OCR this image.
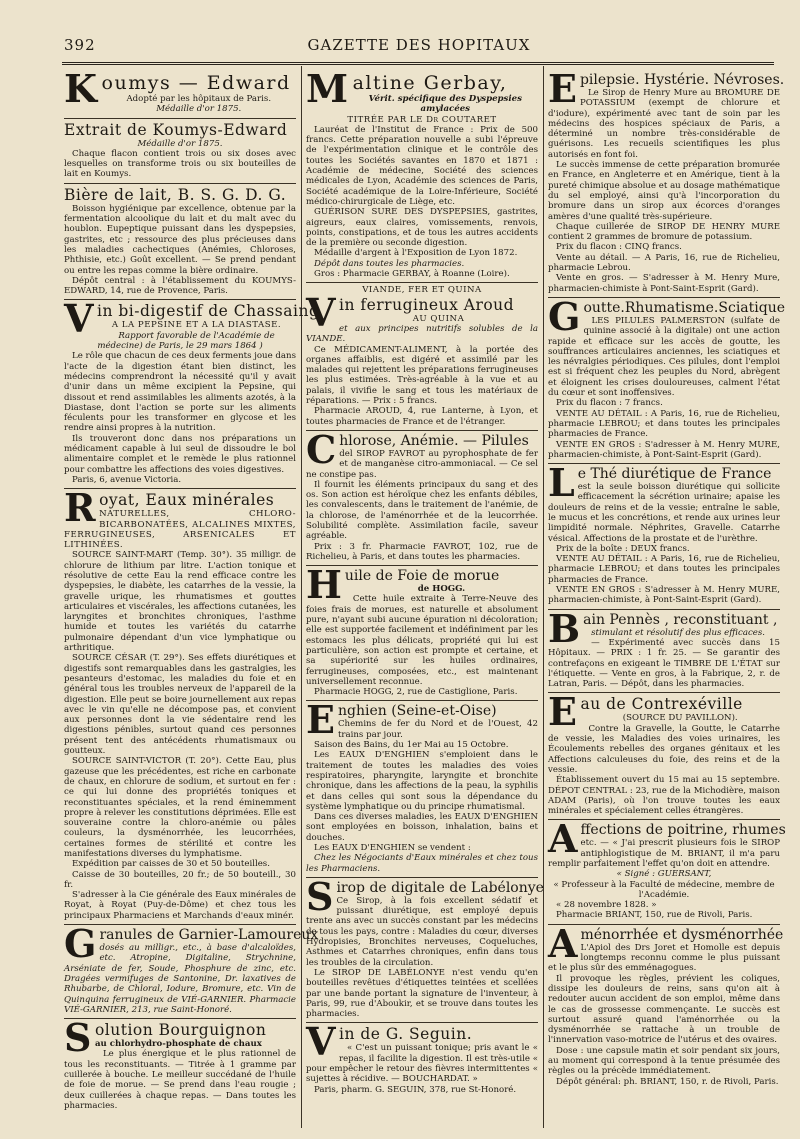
392	GAZETTE DES HOPITAUX
Koumys — Edward

Adopté par les hôpitaux de Paris.

Médaille d'or 1875.

Extrait de Koumys-Edward

Médaille d'or 1875.

Chaque flacon contient trois ou six doses avec lesquelles on transforme trois ou six bouteilles de lait en Koumys.

Bière de lait, B. S. G. D. G.

Boisson hygiénique par excellence, obtenue par la fermentation alcoolique du lait et du malt avec du houblon. Eupeptique puissant dans les dyspepsies, gastrites, etc ; ressource des plus précieuses dans les maladies cachectiques (Anémies, Chloroses, Phthisie, etc.) Goût excellent. — Se prend pendant ou entre les repas comme la bière ordinaire.

Dépôt central : à l'établissement du KOUMYS-EDWARD, 14, rue de Provence, Paris.

Vin bi-digestif de Chassaing

A LA PEPSINE ET A LA DIASTASE.

Rapport favorable de l'Académie de médecine) de Paris, le 29 mars 1864 )

Le rôle que chacun de ces deux ferments joue dans l'acte de la digestion étant bien distinct, les médecins comprendront la nécessité qu'il y avait d'unir dans un même excipient la Pepsine, qui dissout et rend assimilables les aliments azotés, à la Diastase, dont l'action se porte sur les aliments féculents pour les transformer en glycose et les rendre ainsi propres à la nutrition.

Ils trouveront donc dans nos préparations un médicament capable à lui seul de dissoudre le bol alimentaire complet et le remède le plus rationnel pour combattre les affections des voies digestives.

Paris, 6, avenue Victoria.

Royat, Eaux minérales

NATURELLES, CHLORO-BICARBONATÉES, ALCALINES MIXTES, FERRUGINEUSES, ARSENICALES ET LITHINÉES.

SOURCE SAINT-MART (Temp. 30°). 35 milligr. de chlorure de lithium par litre. L'action tonique et résolutive de cette Eau la rend efficace contre les dyspepsies, le diabète, les catarrhes de la vessie, la gravelle urique, les rhumatismes et gouttes articulaires et viscérales, les affections cutanées, les laryngites et bronchites chroniques, l'asthme humide et toutes les variétés du catarrhe pulmonaire dépendant d'un vice lymphatique ou arthritique.

SOURCE CÉSAR (T. 29°). Ses effets diurétiques et digestifs sont remarquables dans les gastralgies, les pesanteurs d'estomac, les maladies du foie et en général tous les troubles nerveux de l'appareil de la digestion. Elle peut se boire journellement aux repas avec le vin qu'elle ne décompose pas, et convient aux personnes dont la vie sédentaire rend les digestions pénibles, surtout quand ces personnes présent tent des antécédents rhumatismaux ou goutteux.

SOURCE SAINT-VICTOR (T. 20°). Cette Eau, plus gazeuse que les précédentes, est riche en carbonate de chaux, en chlorure de sodium, et surtout en fer : ce qui lui donne des propriétés toniques et reconstituantes spéciales, et la rend éminemment propre à relever les constitutions déprimées. Elle est souveraine contre la chloro-anémie ou pâles couleurs, la dysménorrhée, les leucorrhées, certaines formes de stérilité et contre les manifestations diverses du lymphatisme.

Expédition par caisses de 30 et 50 bouteilles.

Caisse de 30 bouteilles, 20 fr.; de 50 bouteill., 30 fr.

S'adresser à la Cie générale des Eaux minérales de Royat, à Royat (Puy-de-Dôme) et chez tous les principaux Pharmaciens et Marchands d'eaux minér.

Granules de Garnier-Lamoureux

dosés au milligr., etc., à base d'alcaloïdes, etc. Atropine, Digitaline, Strychnine, Arséniate de fer, Soude, Phosphure de zinc, etc. Dragées vermifuges de Santonine, Dr. laxatives de Rhubarbe, de Chloral, Iodure, Bromure, etc. Vin de Quinquina ferrugineux de VIÉ-GARNIER. Pharmacie VIÉ-GARNIER, 213, rue Saint-Honoré.

Solution Bourguignon

au chlorhydro-phosphate de chaux

Le plus énergique et le plus rationnel de tous les reconstituants. — Titrée à 1 gramme par cuillerée à bouche. Le meilleur succédané de l'huile de foie de morue. — Se prend dans l'eau rougie ; deux cuillerées à chaque repas. — Dans toutes les pharmacies.

Maltine Gerbay,

Vérit. spécifique des Dyspepsies amylacées

TITRÉE PAR LE Dr COUTARET

Lauréat de l'Institut de France : Prix de 500 francs. Cette préparation nouvelle a subi l'épreuve de l'expérimentation clinique et le contrôle des toutes les Sociétés savantes en 1870 et 1871 : Académie de médecine, Société des sciences médicales de Lyon, Académie des sciences de Paris, Société académique de la Loire-Inférieure, Société médico-chirurgicale de Liège, etc.

GUÉRISON SURE DES DYSPEPSIES, gastrites, aigreurs, eaux claires, vomissements, renvois, points, constipations, et de tous les autres accidents de la première ou seconde digestion.

Médaille d'argent à l'Exposition de Lyon 1872.

Dépôt dans toutes les pharmacies.

Gros : Pharmacie GERBAY, à Roanne (Loire).

VIANDE, FER ET QUINA

Vin ferrugineux Aroud

AU QUINA

et aux principes nutritifs solubles de la VIANDE.

Ce MÉDICAMENT-ALIMENT, à la portée des organes affaiblis, est digéré et assimilé par les malades qui rejettent les préparations ferrugineuses les plus estimées. Très-agréable à la vue et au palais, il vivifie le sang et tous les matériaux de réparations. — Prix : 5 francs.

Pharmacie AROUD, 4, rue Lanterne, à Lyon, et toutes pharmacies de France et de l'étranger.

Chlorose, Anémie. — Pilules

del SIROP FAVROT au pyrophosphate de fer et de manganèse citro-ammoniacal. — Ce sel ne constipe pas.

Il fournit les éléments principaux du sang et des os. Son action est héroïque chez les enfants débiles, les convalescents, dans le traitement de l'anémie, de la chlorose, de l'aménorrhée et de la leucorrhée. Solubilité complète. Assimilation facile, saveur agréable.

Prix : 3 fr. Pharmacie FAVROT, 102, rue de Richelieu, à Paris, et dans toutes les pharmacies.

Huile de Foie de morue

de HOGG.

Cette huile extraite à Terre-Neuve des foies frais de morues, est naturelle et absolument pure, n'ayant subi aucune épuration ni décoloration; elle est supportée facilement et indéfiniment par les estomacs les plus délicats, propriété qui lui est particulière, son action est prompte et certaine, et sa supériorité sur les huiles ordinaires, ferrugineuses, composées, etc., est maintenant universellement reconnue.

Pharmacie HOGG, 2, rue de Castiglione, Paris.

Enghien (Seine-et-Oise)

Chemins de fer du Nord et de l'Ouest, 42 trains par jour.

Saison des Bains, du 1er Mai au 15 Octobre.

Les EAUX D'ENGHIEN s'emploient dans le traitement de toutes les maladies des voies respiratoires, pharyngite, laryngite et bronchite chronique, dans les affections de la peau, la syphilis et dans celles qui sont sous la dépendance du système lymphatique ou du principe rhumatismal.

Dans ces diverses maladies, les EAUX D'ENGHIEN sont employées en boisson, inhalation, bains et douches.

Les EAUX D'ENGHIEN se vendent :

Chez les Négociants d'Eaux minérales et chez tous les Pharmaciens.

Sirop de digitale de Labélonye

Ce Sirop, à la fois excellent sédatif et puissant diurétique, est employé depuis trente ans avec un succès constant par les médecins de tous les pays, contre : Maladies du cœur, diverses Hydropisies, Bronchites nerveuses, Coqueluches, Asthmes et Catarrhes chroniques, enfin dans tous les troubles de la circulation.

Le SIROP DE LABÉLONYE n'est vendu qu'en bouteilles revêtues d'étiquettes teintées et scellées par une bande portant la signature de l'inventeur, à Paris, 99, rue d'Aboukir, et se trouve dans toutes les pharmacies.

Vin de G. Seguin.

« C'est un puissant tonique; pris avant le « repas, il facilite la digestion. Il est très-utile « pour empêcher le retour des fièvres intermittentes « sujettes à récidive. — BOUCHARDAT. »

Paris, pharm. G. SEGUIN, 378, rue St-Honoré.

Epilepsie. Hystérie. Névroses.

Le Sirop de Henry Mure au BROMURE DE POTASSIUM (exempt de chlorure et d'iodure), expérimenté avec tant de soin par les médecins des hospices spéciaux de Paris, a déterminé un nombre très-considérable de guérisons. Les recueils scientifiques les plus autorisés en font foi.

Le succès immense de cette préparation bromurée en France, en Angleterre et en Amérique, tient à la pureté chimique absolue et au dosage mathématique du sel employé, ainsi qu'à l'incorporation du bromure dans un sirop aux écorces d'oranges amères d'une qualité très-supérieure.

Chaque cuillerée de SIROP DE HENRY MURE contient 2 grammes de bromure de potassium.

Prix du flacon : CINQ francs.

Vente au détail. — A Paris, 16, rue de Richelieu, pharmacie Lebrou.

Vente en gros. — S'adresser à M. Henry Mure, pharmacien-chimiste à Pont-Saint-Esprit (Gard).

Goutte.Rhumatisme.Sciatique

LES PILULES PALMERSTON (sulfate de quinine associé à la digitale) ont une action rapide et efficace sur les accès de goutte, les souffrances articulaires anciennes, les sciatiques et les névralgies périodiques. Ces pilules, dont l'emploi est si fréquent chez les peuples du Nord, abrègent et éloignent les crises douloureuses, calment l'état du cœur et sont inoffensives.

Prix du flacon : 7 francs.

VENTE AU DÉTAIL : A Paris, 16, rue de Richelieu, pharmacie LEBROU; et dans toutes les principales pharmacies de France.

VENTE EN GROS : S'adresser à M. Henry MURE, pharmacien-chimiste, à Pont-Saint-Esprit (Gard).

Le Thé diurétique de France

est la seule boisson diurétique qui sollicite efficacement la sécrétion urinaire; apaise les douleurs de reins et de la vessie; entraîne le sable, le mucus et les concrétions, et rende aux urines leur limpidité normale. Néphrites, Gravelle. Catarrhe vésical. Affections de la prostate et de l'urèthre.

Prix de la boîte : DEUX francs.

VENTE AU DÉTAIL : A Paris, 16, rue de Richelieu, pharmacie LEBROU; et dans toutes les principales pharmacies de France.

VENTE EN GROS : S'adresser à M. Henry MURE, pharmacien-chimiste, à Pont-Saint-Esprit (Gard).

Bain Pennès , reconstituant ,

stimulant et résolutif des plus efficaces.

— Expérimenté avec succès dans 15 Hôpitaux. — PRIX : 1 fr. 25. — Se garantir des contrefaçons en exigeant le TIMBRE DE L'ÉTAT sur l'étiquette. — Vente en gros, à la Fabrique, 2, r. de Latran, Paris. — Dépôt, dans les pharmacies.

Eau de Contrexéville

(SOURCE DU PAVILLON).

Contre la Gravelle, la Goutte, le Catarrhe de vessie, les Maladies des voies urinaires, les Écoulements rebelles des organes génitaux et les Affections calculeuses du foie, des reins et de la vessie.

Établissement ouvert du 15 mai au 15 septembre. DÉPOT CENTRAL : 23, rue de la Michodière, maison ADAM (Paris), où l'on trouve toutes les eaux minérales et spécialement celles étrangères.

Affections de poitrine, rhumes

etc. — « J'ai prescrit plusieurs fois le SIROP antiphlogistique de M. BRIANT, il m'a paru remplir parfaitement l'effet qu'on doit en attendre.

« Signé : GUERSANT,

« Professeur à la Faculté de médecine, membre de l'Académie.

« 28 novembre 1828. »

Pharmacie BRIANT, 150, rue de Rivoli, Paris.

Aménorrhée et dysménorrhée

L'Apiol des Drs Joret et Homolle est depuis longtemps reconnu comme le plus puissant et le plus sûr des emménagogues.

Il provoque les règles, prévient les coliques, dissipe les douleurs de reins, sans qu'on ait à redouter aucun accident de son emploi, même dans le cas de grossesse commençante. Le succès est surtout assuré quand l'aménorrhée ou la dysménorrhée se rattache à un trouble de l'innervation vaso-motrice de l'utérus et des ovaires.

Dose : une capsule matin et soir pendant six jours, au moment qui correspond à la tenue présumée des règles ou la précède immédiatement.

Dépôt général: ph. BRIANT, 150, r. de Rivoli, Paris.
